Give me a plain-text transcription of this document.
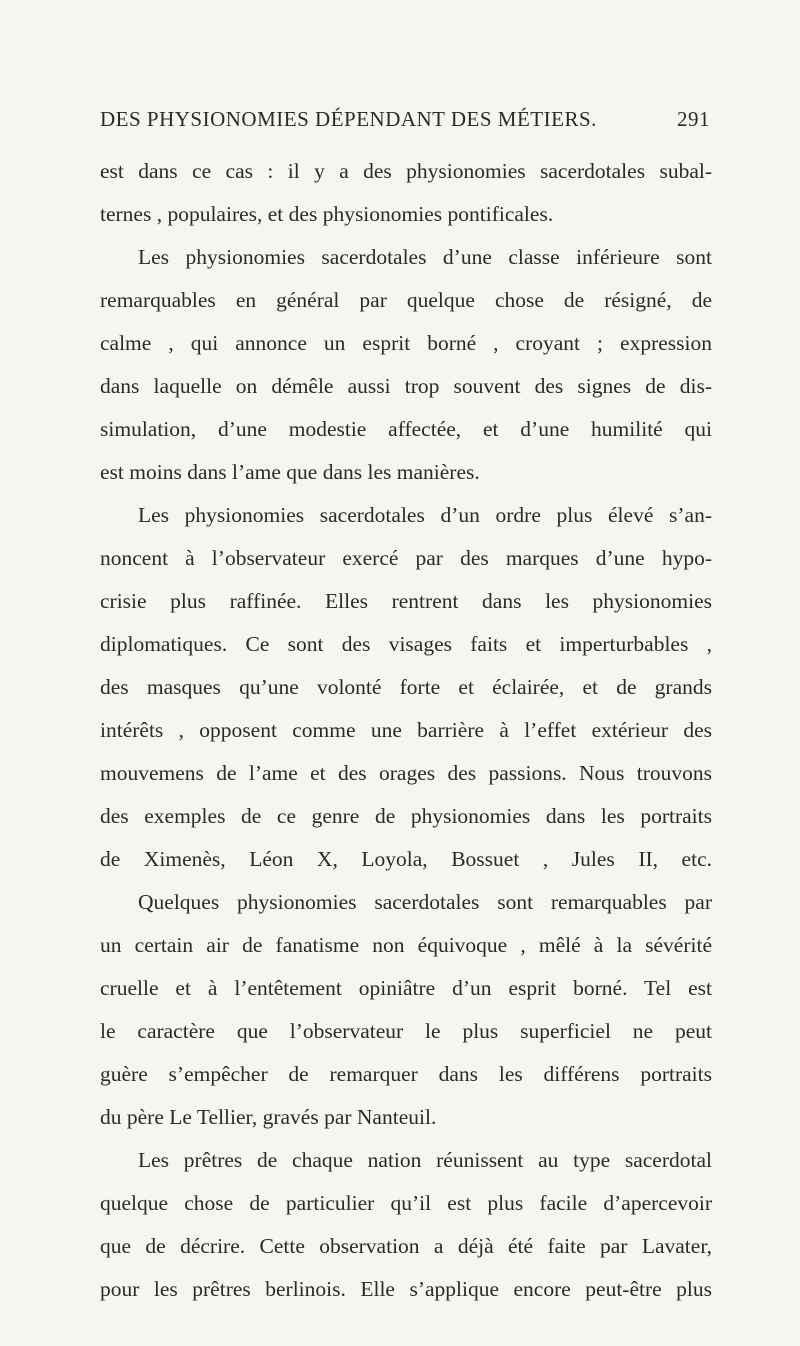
DES PHYSIONOMIES DÉPENDANT DES MÉTIERS.	291
est dans ce cas : il y a des physionomies sacerdotales subal-
ternes , populaires, et des physionomies pontificales.
Les physionomies sacerdotales d’une classe inférieure sont
remarquables en général par quelque chose de résigné, de
calme , qui annonce un esprit borné , croyant ; expression
dans laquelle on démêle aussi trop souvent des signes de dis-
simulation, d’une modestie affectée, et d’une humilité qui
est moins dans l’ame que dans les manières.
Les physionomies sacerdotales d’un ordre plus élevé s’an-
noncent à l’observateur exercé par des marques d’une hypo-
crisie plus raffinée. Elles rentrent dans les physionomies
diplomatiques. Ce sont des visages faits et imperturbables ,
des masques qu’une volonté forte et éclairée, et de grands
intérêts , opposent comme une barrière à l’effet extérieur des
mouvemens de l’ame et des orages des passions. Nous trouvons
des exemples de ce genre de physionomies dans les portraits
de Ximenès, Léon X, Loyola, Bossuet , Jules II, etc.
Quelques physionomies sacerdotales sont remarquables par
un certain air de fanatisme non équivoque , mêlé à la sévérité
cruelle et à l’entêtement opiniâtre d’un esprit borné. Tel est
le caractère que l’observateur le plus superficiel ne peut
guère s’empêcher de remarquer dans les différens portraits
du père Le Tellier, gravés par Nanteuil.
Les prêtres de chaque nation réunissent au type sacerdotal
quelque chose de particulier qu’il est plus facile d’apercevoir
que de décrire. Cette observation a déjà été faite par Lavater,
pour les prêtres berlinois. Elle s’applique encore peut-être plus
